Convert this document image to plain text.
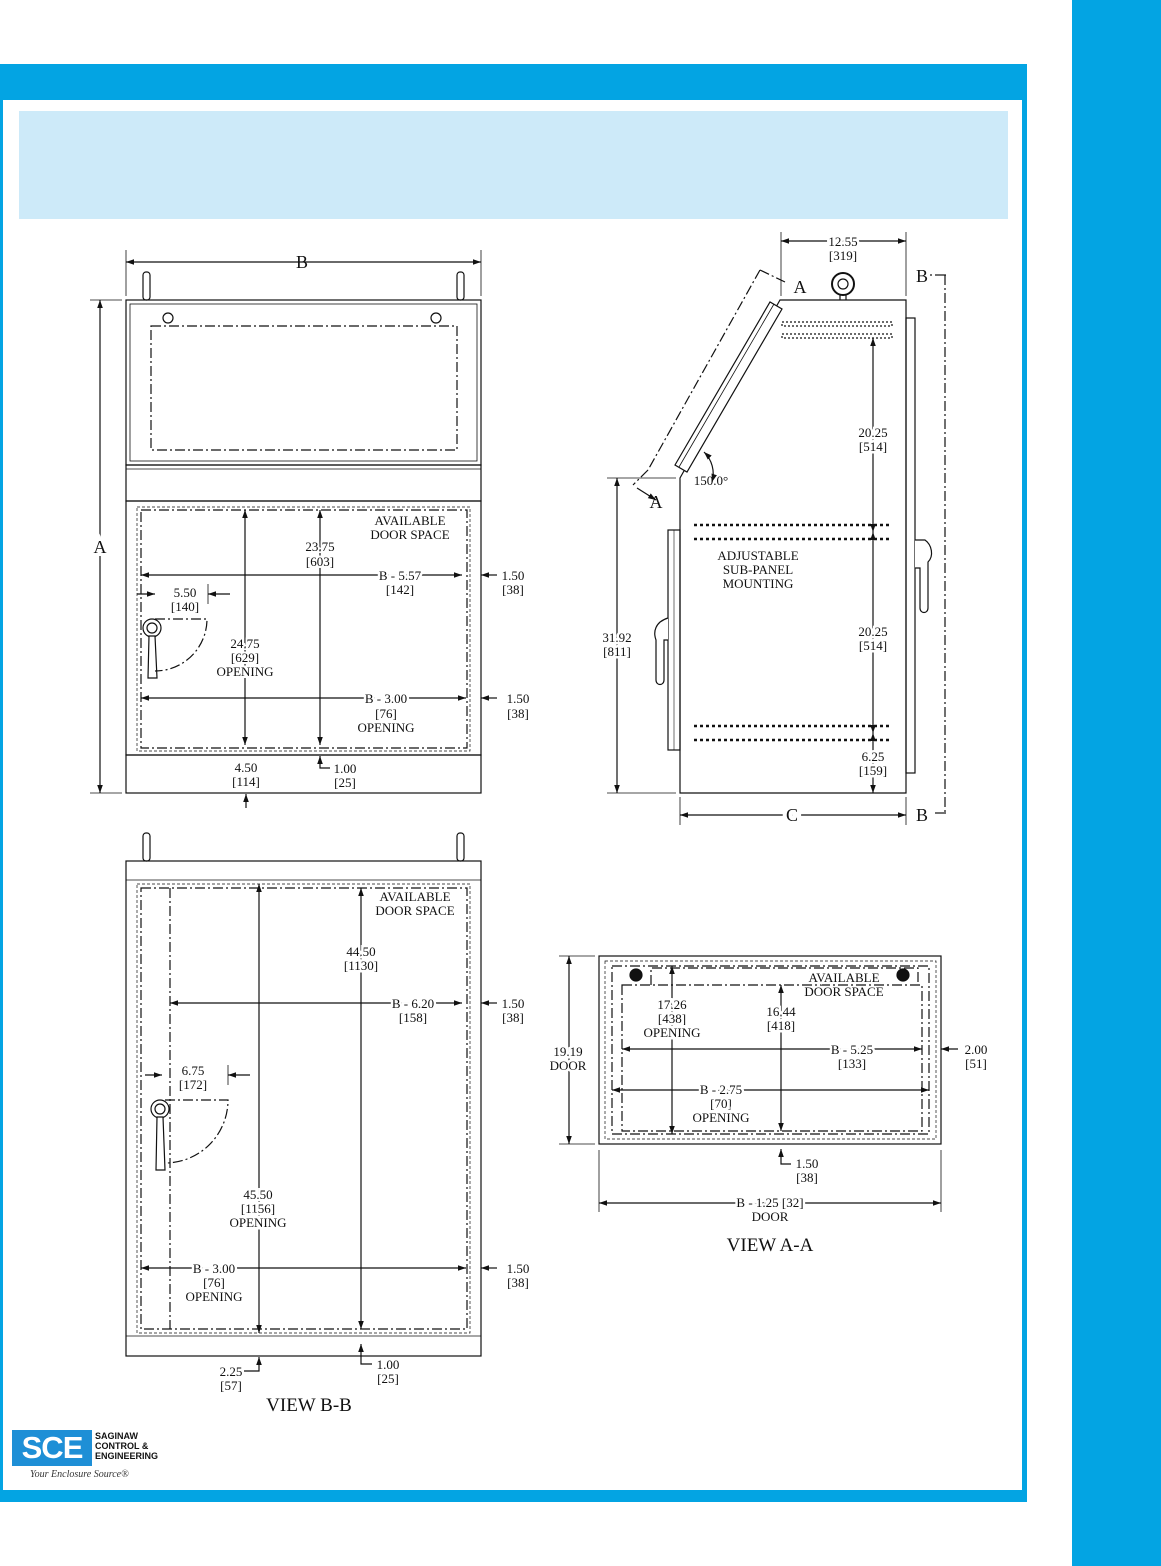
B
A
AVAILABLE
DOOR SPACE
23.75
[603]
B - 5.57
[142]
1.50
[38]
5.50
[140]
24.75
[629]
OPENING
B - 3.00
[76]
OPENING
1.50
[38]
4.50
[114]
1.00
[25]
12.55
[319]
A
A
B
B
150.0°
20.25
[514]
ADJUSTABLE
SUB-PANEL
MOUNTING
20.25
[514]
31.92
[811]
6.25
[159]
C
AVAILABLE
DOOR SPACE
44.50
[1130]
B - 6.20
[158]
1.50
[38]
6.75
[172]
45.50
[1156]
OPENING
B - 3.00
[76]
OPENING
1.50
[38]
2.25
[57]
1.00
[25]
VIEW B-B
AVAILABLE
DOOR SPACE
17.26
[438]
OPENING
16.44
[418]
19.19
DOOR
B - 5.25
[133]
2.00
[51]
B - 2.75
[70]
OPENING
1.50
[38]
B - 1.25 [32]
DOOR
VIEW A-A
SCE	SAGINAW
CONTROL &
ENGINEERING
Your Enclosure Source®
